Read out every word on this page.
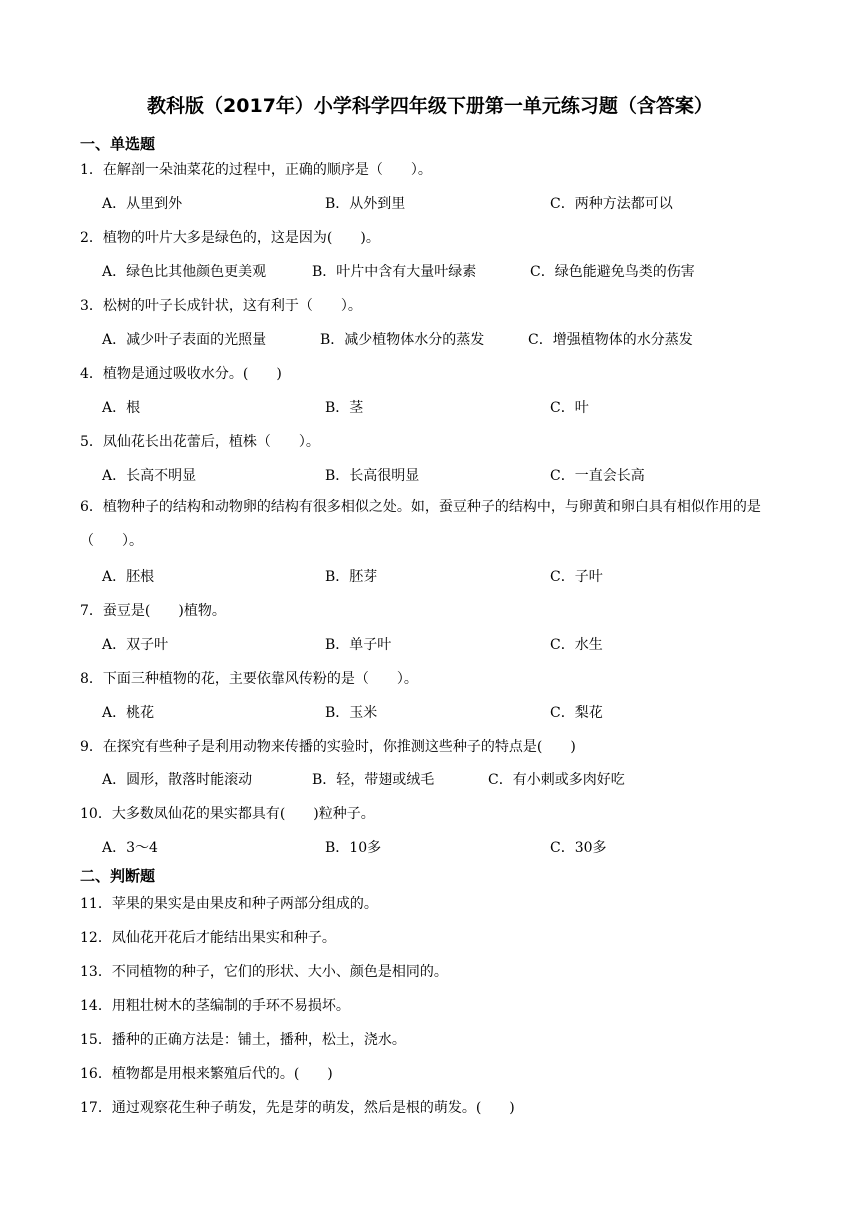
教科版（2017年）小学科学四年级下册第一单元练习题（含答案）
一、单选题
1．在解剖一朵油菜花的过程中，正确的顺序是（　　）。
A．从里到外	B．从外到里	C．两种方法都可以
2．植物的叶片大多是绿色的，这是因为(　　)。
A．绿色比其他颜色更美观	B．叶片中含有大量叶绿素	C．绿色能避免鸟类的伤害
3．松树的叶子长成针状，这有利于（　　）。
A．减少叶子表面的光照量	B．减少植物体水分的蒸发	C．增强植物体的水分蒸发
4．植物是通过吸收水分。(　　)
A．根	B．茎	C．叶
5．凤仙花长出花蕾后，植株（　　）。
A．长高不明显	B．长高很明显	C．一直会长高
6．植物种子的结构和动物卵的结构有很多相似之处。如，蚕豆种子的结构中，与卵黄和卵白具有相似作用的是（　　）。
A．胚根	B．胚芽	C．子叶
7．蚕豆是(　　)植物。
A．双子叶	B．单子叶	C．水生
8．下面三种植物的花，主要依靠风传粉的是（　　）。
A．桃花	B．玉米	C．梨花
9．在探究有些种子是利用动物来传播的实验时，你推测这些种子的特点是(　　)
A．圆形，散落时能滚动	B．轻，带翅或绒毛	C．有小刺或多肉好吃
10．大多数凤仙花的果实都具有(　　)粒种子。
A．3～4	B．10多	C．30多
二、判断题
11．苹果的果实是由果皮和种子两部分组成的。
12．凤仙花开花后才能结出果实和种子。
13．不同植物的种子，它们的形状、大小、颜色是相同的。
14．用粗壮树木的茎编制的手环不易损坏。
15．播种的正确方法是：铺土，播种，松土，浇水。
16．植物都是用根来繁殖后代的。(　　)
17．通过观察花生种子萌发，先是芽的萌发，然后是根的萌发。(　　)
